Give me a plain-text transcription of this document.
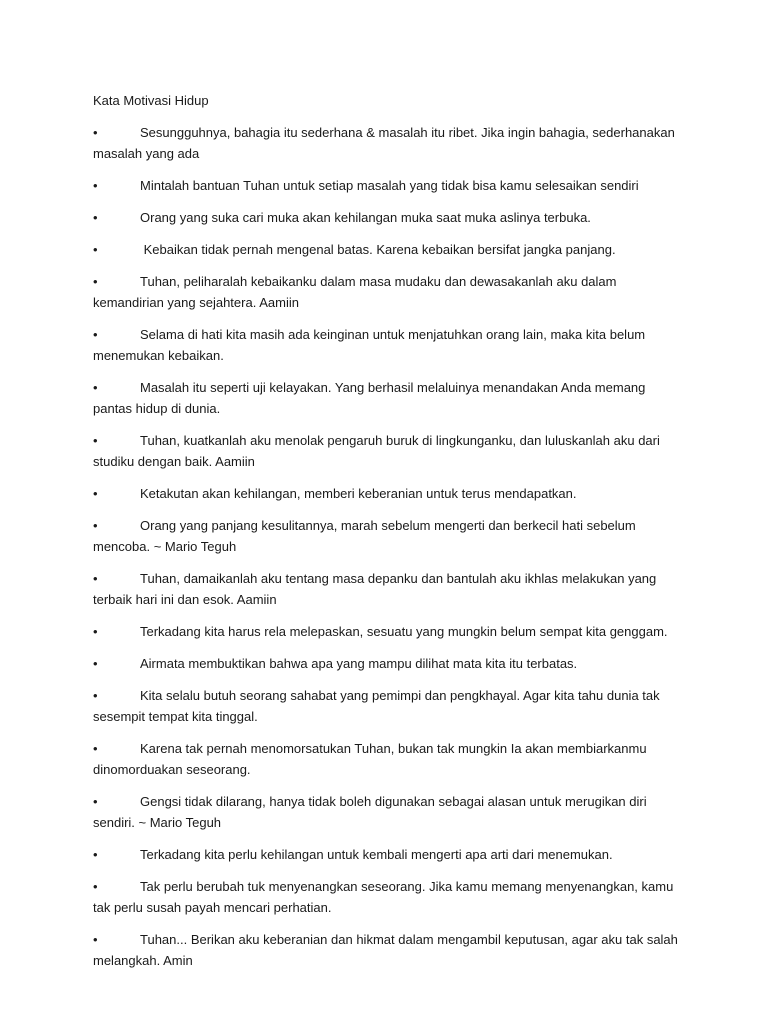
Kata Motivasi Hidup
•	Sesungguhnya, bahagia itu sederhana & masalah itu ribet. Jika ingin bahagia, sederhanakan masalah yang ada
•	Mintalah bantuan Tuhan untuk setiap masalah yang tidak bisa kamu selesaikan sendiri
•	Orang yang suka cari muka akan kehilangan muka saat muka aslinya terbuka.
•	Kebaikan tidak pernah mengenal batas. Karena kebaikan bersifat jangka panjang.
•	Tuhan, peliharalah kebaikanku dalam masa mudaku dan dewasakanlah aku dalam kemandirian yang sejahtera. Aamiin
•	Selama di hati kita masih ada keinginan untuk menjatuhkan orang lain, maka kita belum menemukan kebaikan.
•	Masalah itu seperti uji kelayakan. Yang berhasil melaluinya menandakan Anda memang pantas hidup di dunia.
•	Tuhan, kuatkanlah aku menolak pengaruh buruk di lingkunganku, dan luluskanlah aku dari studiku dengan baik. Aamiin
•	Ketakutan akan kehilangan, memberi keberanian untuk terus mendapatkan.
•	Orang yang panjang kesulitannya, marah sebelum mengerti dan berkecil hati sebelum mencoba. ~ Mario Teguh
•	Tuhan, damaikanlah aku tentang masa depanku dan bantulah aku ikhlas melakukan yang terbaik hari ini dan esok. Aamiin
•	Terkadang kita harus rela melepaskan, sesuatu yang mungkin belum sempat kita genggam.
•	Airmata membuktikan bahwa apa yang mampu dilihat mata kita itu terbatas.
•	Kita selalu butuh seorang sahabat yang pemimpi dan pengkhayal. Agar kita tahu dunia tak sesempit tempat kita tinggal.
•	Karena tak pernah menomorsatukan Tuhan, bukan tak mungkin Ia akan membiarkanmu dinomorduakan seseorang.
•	Gengsi tidak dilarang, hanya tidak boleh digunakan sebagai alasan untuk merugikan diri sendiri. ~ Mario Teguh
•	Terkadang kita perlu kehilangan untuk kembali mengerti apa arti dari menemukan.
•	Tak perlu berubah tuk menyenangkan seseorang. Jika kamu memang menyenangkan, kamu tak perlu susah payah mencari perhatian.
•	Tuhan... Berikan aku keberanian dan hikmat dalam mengambil keputusan, agar aku tak salah melangkah. Amin
